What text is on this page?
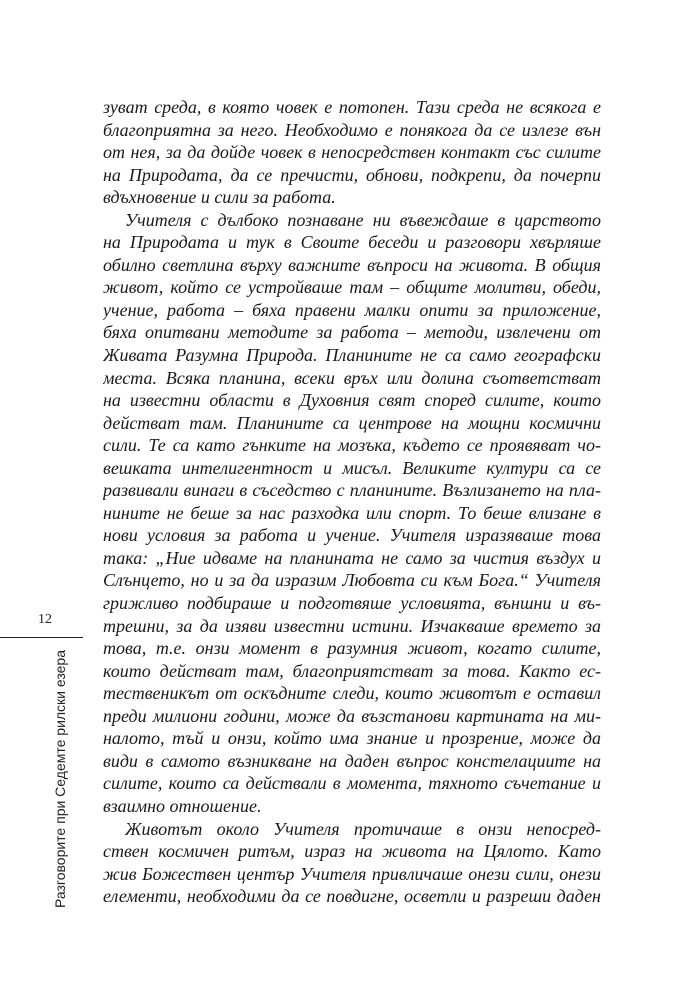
зуват среда, в която човек е потопен. Тази среда не всякога е
благоприятна за него. Необходимо е понякога да се излезе вън
от нея, за да дойде човек в непосредствен контакт със силите
на Природата, да се пречисти, обнови, подкрепи, да почерпи
вдъхновение и сили за работа.
Учителя с дълбоко познаване ни въвеждаше в царството
на Природата и тук в Своите беседи и разговори хвърляше
обилно светлина върху важните въпроси на живота. В общия
живот, който се устройваше там – общите молитви, обеди,
учение, работа – бяха правени малки опити за приложение,
бяха опитвани методите за работа – методи, извлечени от
Живата Разумна Природа. Планините не са само географски
места. Всяка планина, всеки връх или долина съответстват
на известни области в Духовния свят според силите, които
действат там. Планините са центрове на мощни космични
сили. Те са като гънките на мозъка, където се проявяват чо-
вешката интелигентност и мисъл. Великите култури са се
развивали винаги в съседство с планините. Възлизането на пла-
нините не беше за нас разходка или спорт. То беше влизане в
нови условия за работа и учение. Учителя изразяваше това
така: „Ние идваме на планината не само за чистия въздух и
Слънцето, но и за да изразим Любовта си към Бога.“ Учителя
грижливо подбираше и подготвяше условията, външни и въ-
трешни, за да изяви известни истини. Изчакваше времето за
това, т.е. онзи момент в разумния живот, когато силите,
които действат там, благоприятстват за това. Както ес-
тественикът от оскъдните следи, които животът е оставил
преди милиони години, може да възстанови картината на ми-
налото, тъй и онзи, който има знание и прозрение, може да
види в самото възникване на даден въпрос констелациите на
силите, които са действали в момента, тяхното съчетание и
взаимно отношение.
Животът около Учителя протичаше в онзи непосред-
ствен космичен ритъм, израз на живота на Цялото. Като
жив Божествен център Учителя привличаше онези сили, онези
елементи, необходими да се повдигне, осветли и разреши даден
12
Разговорите при Седемте рилски езера
